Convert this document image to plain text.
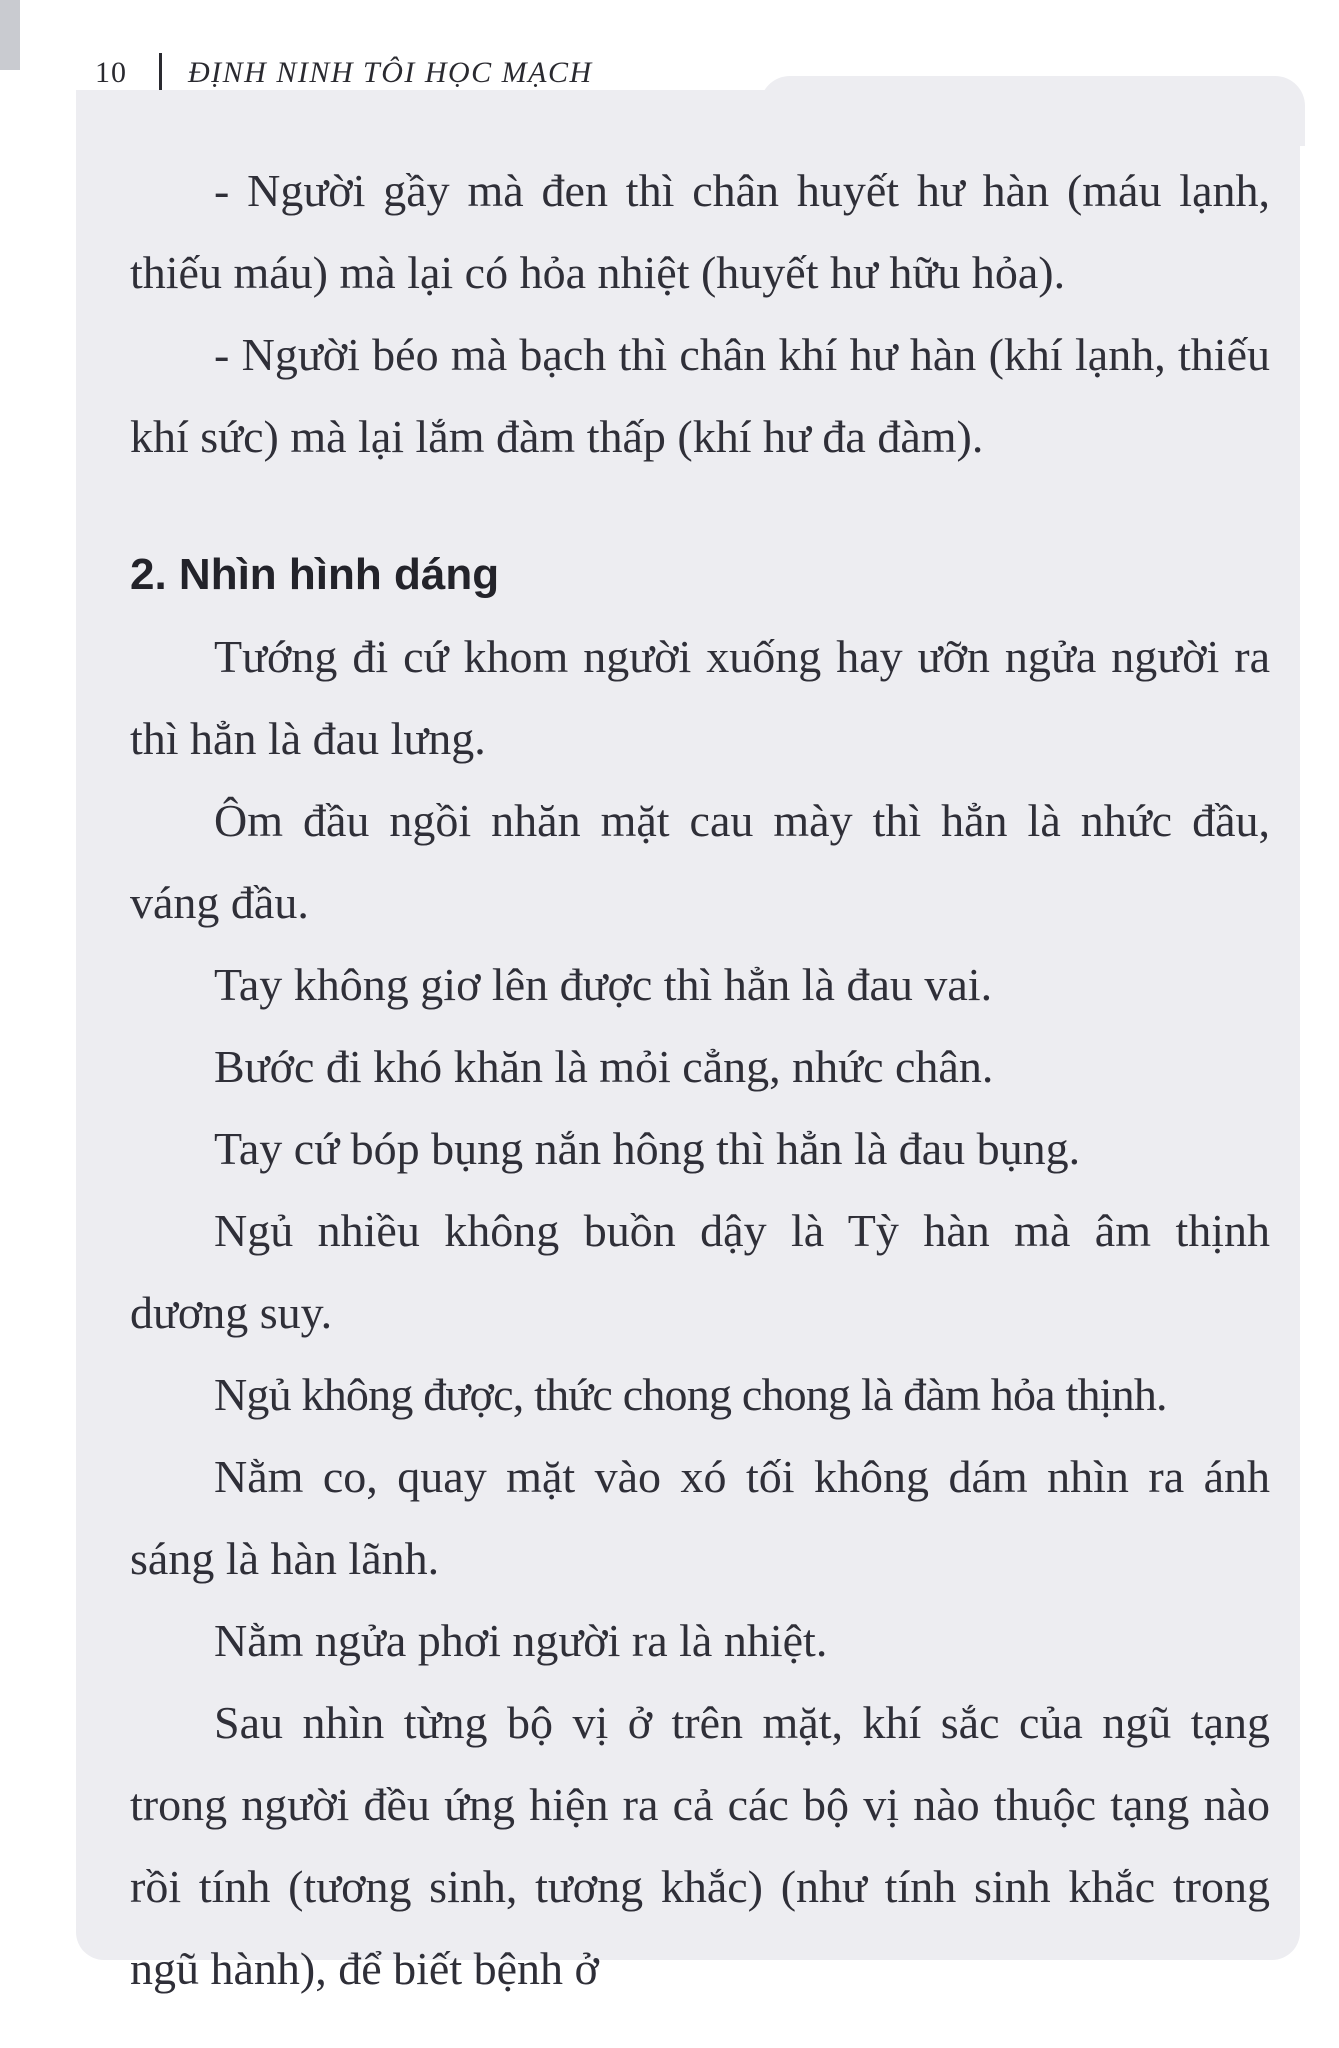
10 ĐỊNH NINH TÔI HỌC MẠCH

- Người gầy mà đen thì chân huyết hư hàn (máu lạnh, thiếu máu) mà lại có hỏa nhiệt (huyết hư hữu hỏa).

- Người béo mà bạch thì chân khí hư hàn (khí lạnh, thiếu khí sức) mà lại lắm đàm thấp (khí hư đa đàm).

2. Nhìn hình dáng

Tướng đi cứ khom người xuống hay ưỡn ngửa người ra thì hẳn là đau lưng.

Ôm đầu ngồi nhăn mặt cau mày thì hẳn là nhức đầu, váng đầu.

Tay không giơ lên được thì hẳn là đau vai.

Bước đi khó khăn là mỏi cẳng, nhức chân.

Tay cứ bóp bụng nắn hông thì hẳn là đau bụng.

Ngủ nhiều không buồn dậy là Tỳ hàn mà âm thịnh dương suy.

Ngủ không được, thức chong chong là đàm hỏa thịnh.

Nằm co, quay mặt vào xó tối không dám nhìn ra ánh sáng là hàn lãnh.

Nằm ngửa phơi người ra là nhiệt.

Sau nhìn từng bộ vị ở trên mặt, khí sắc của ngũ tạng trong người đều ứng hiện ra cả các bộ vị nào thuộc tạng nào rồi tính (tương sinh, tương khắc) (như tính sinh khắc trong ngũ hành), để biết bệnh ở
